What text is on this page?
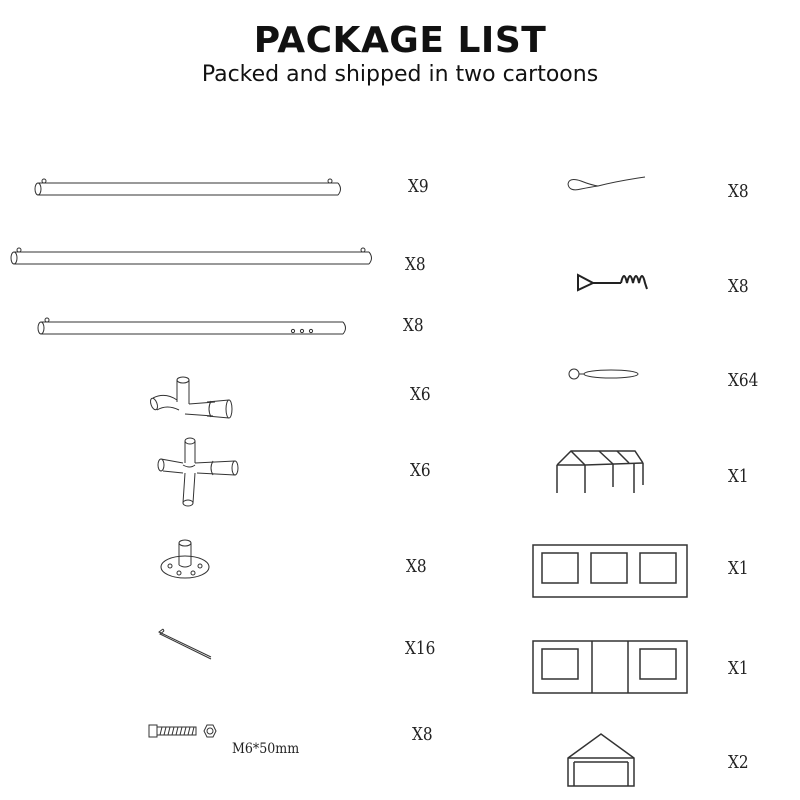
PACKAGE LIST
Packed and shipped in two cartoons
X9
X8
X8
X6
X6
X8
X16
M6*50mm
X8
X8
X8
X64
X1
X1
X1
X2
